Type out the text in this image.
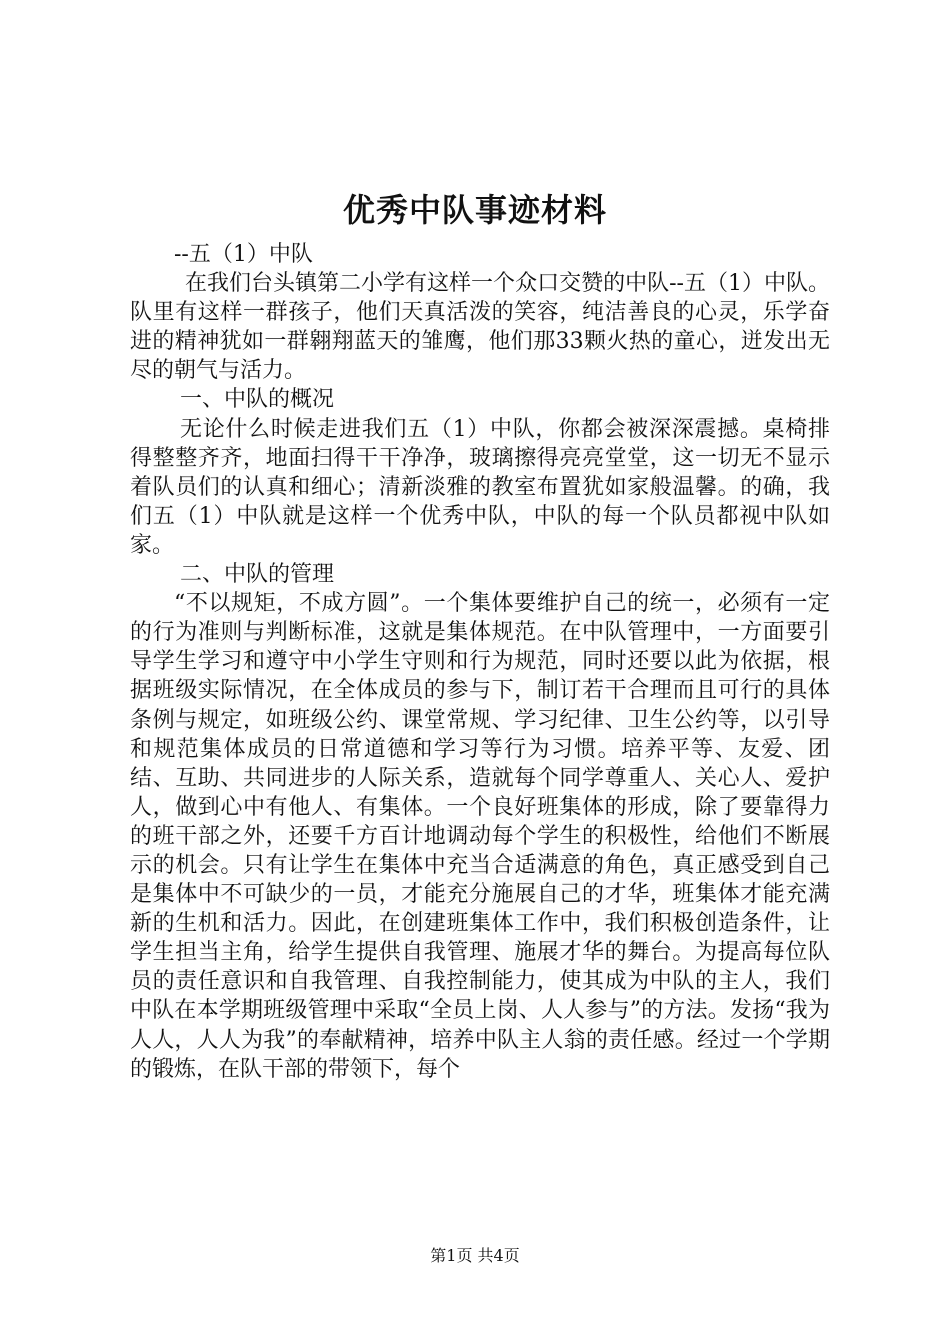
优秀中队事迹材料

--五（1）中队

在我们台头镇第二小学有这样一个众口交赞的中队--五（1）中队。队里有这样一群孩子，他们天真活泼的笑容，纯洁善良的心灵，乐学奋进的精神犹如一群翱翔蓝天的雏鹰，他们那33颗火热的童心，迸发出无尽的朝气与活力。

一、中队的概况

无论什么时候走进我们五（1）中队，你都会被深深震撼。桌椅排得整整齐齐，地面扫得干干净净，玻璃擦得亮亮堂堂，这一切无不显示着队员们的认真和细心；清新淡雅的教室布置犹如家般温馨。的确，我们五（1）中队就是这样一个优秀中队，中队的每一个队员都视中队如家。

二、中队的管理

“不以规矩，不成方圆”。一个集体要维护自己的统一，必须有一定的行为准则与判断标准，这就是集体规范。在中队管理中，一方面要引导学生学习和遵守中小学生守则和行为规范，同时还要以此为依据，根据班级实际情况，在全体成员的参与下，制订若干合理而且可行的具体条例与规定，如班级公约、课堂常规、学习纪律、卫生公约等，以引导和规范集体成员的日常道德和学习等行为习惯。培养平等、友爱、团结、互助、共同进步的人际关系，造就每个同学尊重人、关心人、爱护人，做到心中有他人、有集体。一个良好班集体的形成，除了要靠得力的班干部之外，还要千方百计地调动每个学生的积极性，给他们不断展示的机会。只有让学生在集体中充当合适满意的角色，真正感受到自己是集体中不可缺少的一员，才能充分施展自己的才华，班集体才能充满新的生机和活力。因此，在创建班集体工作中，我们积极创造条件，让学生担当主角，给学生提供自我管理、施展才华的舞台。为提高每位队员的责任意识和自我管理、自我控制能力，使其成为中队的主人，我们中队在本学期班级管理中采取“全员上岗、人人参与”的方法。发扬“我为人人，人人为我”的奉献精神，培养中队主人翁的责任感。经过一个学期的锻炼，在队干部的带领下，每个

第1页 共4页
